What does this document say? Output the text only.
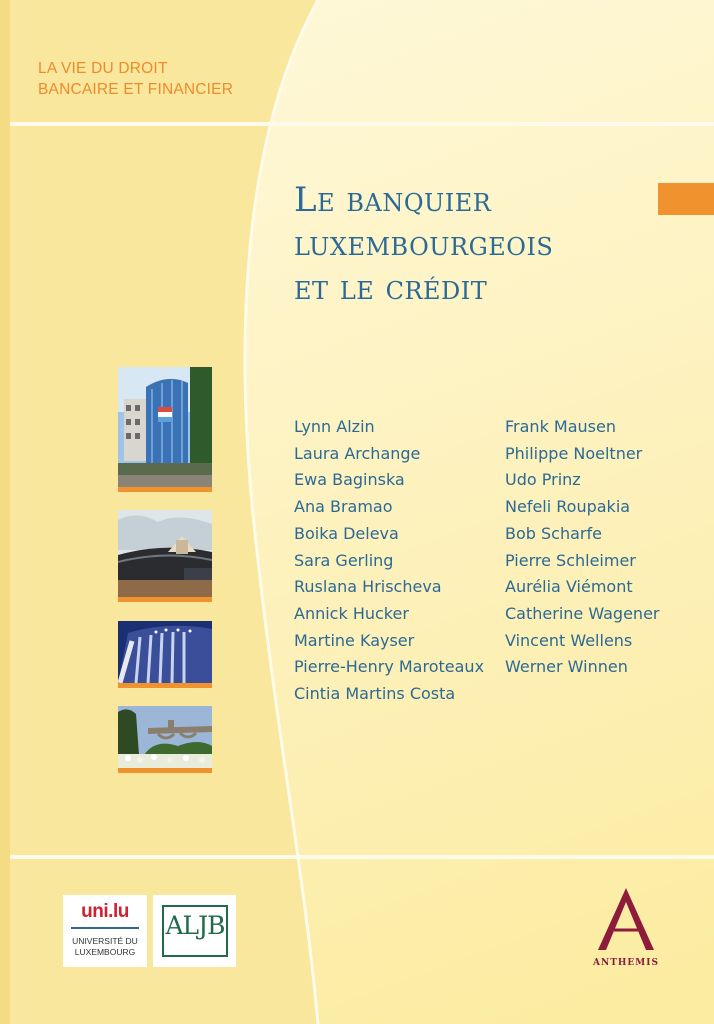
LA VIE DU DROIT
BANCAIRE ET FINANCIER
Le banquier
luxembourgeois
et le crédit
Lynn Alzin
Laura Archange
Ewa Baginska
Ana Bramao
Boika Deleva
Sara Gerling
Ruslana Hrischeva
Annick Hucker
Martine Kayser
Pierre-Henry Maroteaux
Cintia Martins Costa
Frank Mausen
Philippe Noeltner
Udo Prinz
Nefeli Roupakia
Bob Scharfe
Pierre Schleimer
Aurélia Viémont
Catherine Wagener
Vincent Wellens
Werner Winnen
uni.lu
UNIVERSITÉ DU
LUXEMBOURG
ALJB
ANTHEMIS
